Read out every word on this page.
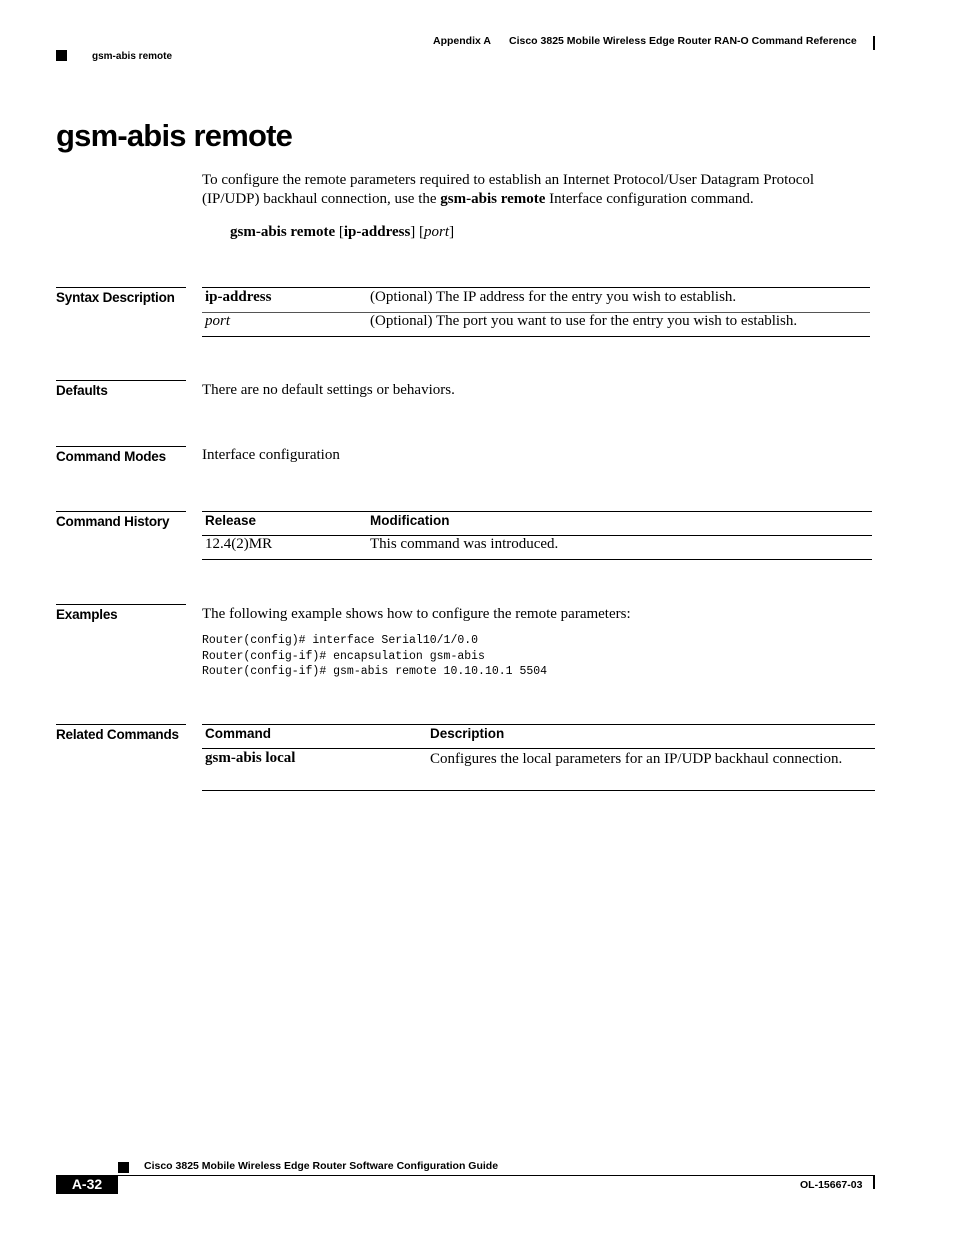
Appendix A Cisco 3825 Mobile Wireless Edge Router RAN-O Command Reference
gsm-abis remote
gsm-abis remote
To configure the remote parameters required to establish an Internet Protocol/User Datagram Protocol (IP/UDP) backhaul connection, use the gsm-abis remote Interface configuration command.
gsm-abis remote [ip-address] [port]
Syntax Description	ip-address	(Optional) The IP address for the entry you wish to establish.
port	(Optional) The port you want to use for the entry you wish to establish.
Defaults	There are no default settings or behaviors.
Command Modes	Interface configuration
Command History	Release	Modification
12.4(2)MR	This command was introduced.
Examples	The following example shows how to configure the remote parameters:
Router(config)# interface Serial10/1/0.0
Router(config-if)# encapsulation gsm-abis
Router(config-if)# gsm-abis remote 10.10.10.1 5504
Related Commands	Command	Description
gsm-abis local	Configures the local parameters for an IP/UDP backhaul connection.
Cisco 3825 Mobile Wireless Edge Router Software Configuration Guide
A-32	OL-15667-03
